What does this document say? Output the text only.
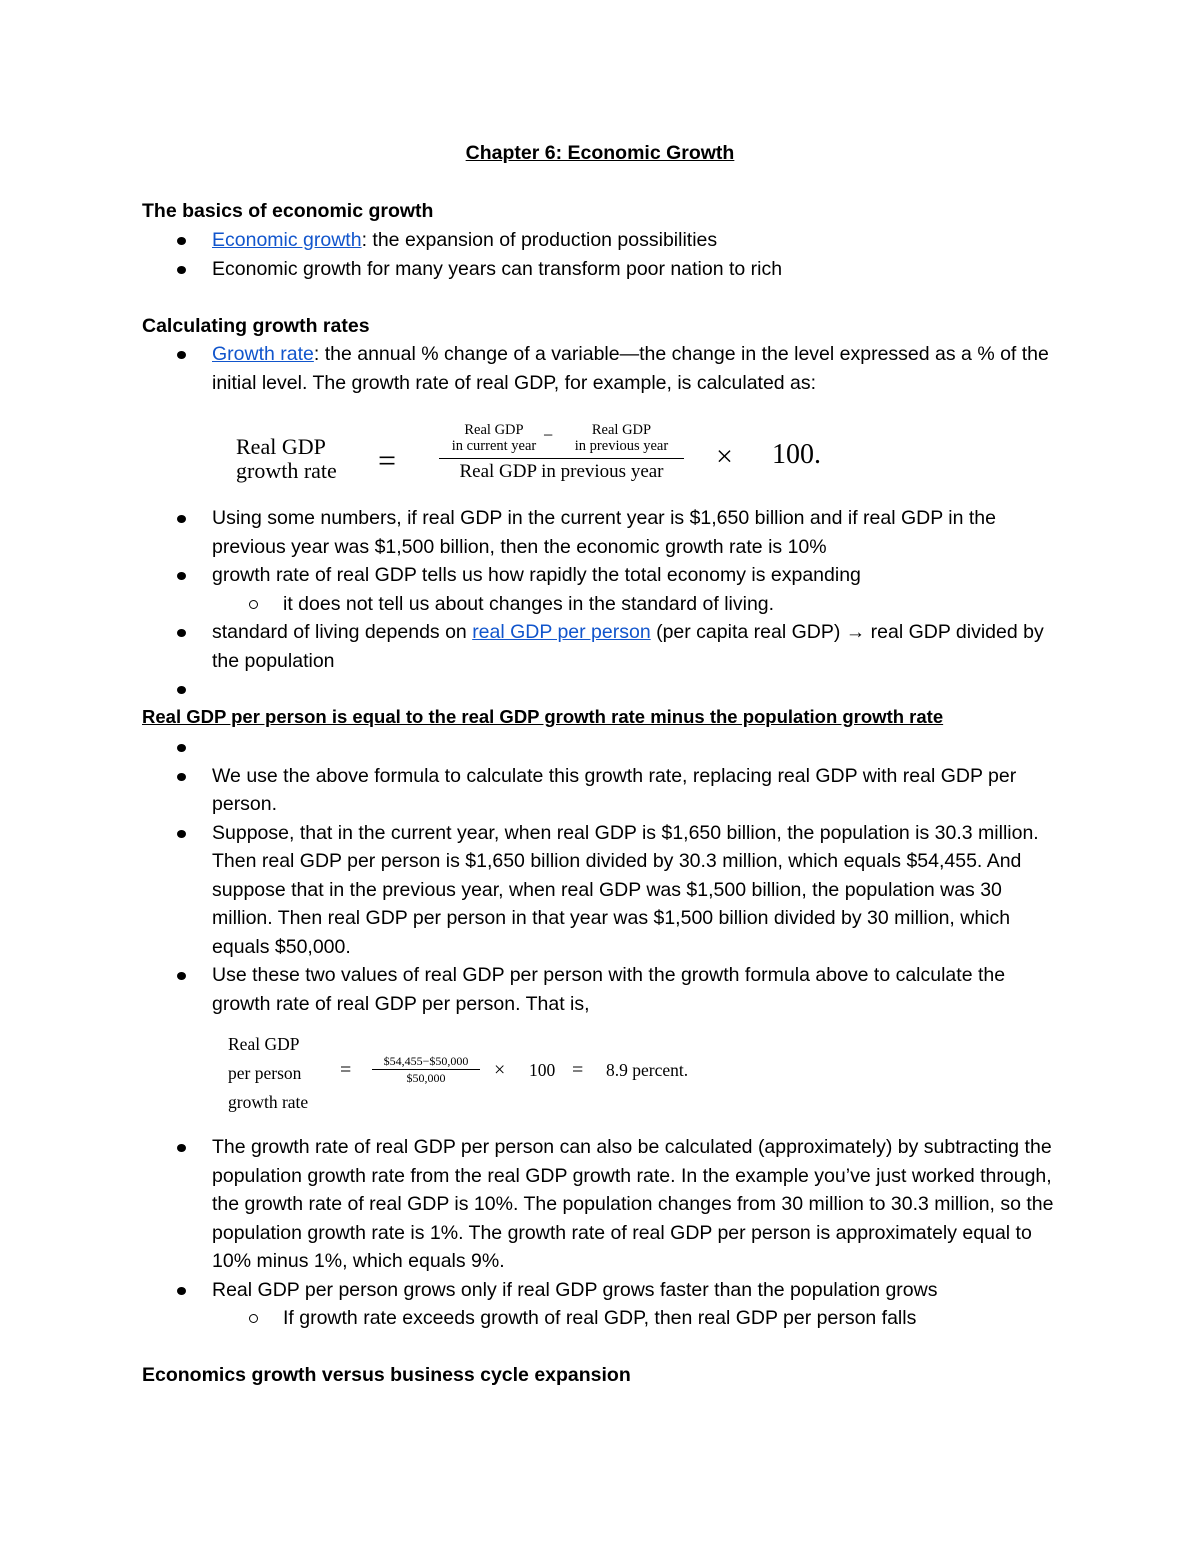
Chapter 6: Economic Growth
The basics of economic growth
Economic growth: the expansion of production possibilities
Economic growth for many years can transform poor nation to rich
Calculating growth rates
Growth rate: the annual % change of a variable—the change in the level expressed as a % of the initial level. The growth rate of real GDP, for example, is calculated as:
Real GDP
growth rate =
Real GDP
in current year
−	Real GDP
in previous year
Real GDP in previous year	× 100.
Using some numbers, if real GDP in the current year is $1,650 billion and if real GDP in the previous year was $1,500 billion, then the economic growth rate is 10%
growth rate of real GDP tells us how rapidly the total economy is expanding
it does not tell us about changes in the standard of living.
standard of living depends on real GDP per person (per capita real GDP) → real GDP divided by the population

Real GDP per person is equal to the real GDP growth rate minus the population growth rate

We use the above formula to calculate this growth rate, replacing real GDP with real GDP per person.
Suppose, that in the current year, when real GDP is $1,650 billion, the population is 30.3 million. Then real GDP per person is $1,650 billion divided by 30.3 million, which equals $54,455. And suppose that in the previous year, when real GDP was $1,500 billion, the population was 30 million. Then real GDP per person in that year was $1,500 billion divided by 30 million, which equals $50,000.
Use these two values of real GDP per person with the growth formula above to calculate the growth rate of real GDP per person. That is,
Real GDP
per person
growth rate
=	$54,455−$50,000
$50,000	× 100 = 8.9 percent.
The growth rate of real GDP per person can also be calculated (approximately) by subtracting the population growth rate from the real GDP growth rate. In the example you’ve just worked through, the growth rate of real GDP is 10%. The population changes from 30 million to 30.3 million, so the population growth rate is 1%. The growth rate of real GDP per person is approximately equal to 10% minus 1%, which equals 9%.
Real GDP per person grows only if real GDP grows faster than the population grows
If growth rate exceeds growth of real GDP, then real GDP per person falls
Economics growth versus business cycle expansion
